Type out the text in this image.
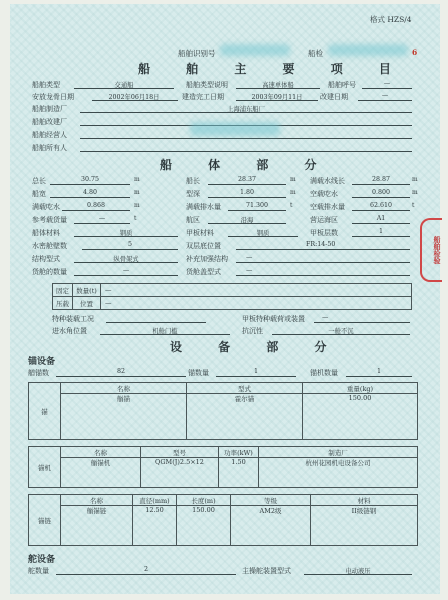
格式 HZS/4
船舶识别号	船检	6
船 舶 主 要 项 目
船舶类型	交通船	船舶类型说明	高速单体船	船舶呼号	—
安放龙骨日期	2002年06月18日	建造完工日期	2003年09月11日	改建日期	—
船舶制造厂	上海浦东船厂
船舶改建厂
船舶经营人
船舶所有人
船 体 部 分
总长	30.75	m	船长	28.37	m 满载水线长	28.87	m
船宽	4.80	m	型深	1.80	m 空载吃水	0.800	m
满载吃水	0.868	m	满载排水量	71.300	t	空载排水量	62.610	t
参考载货量	—	t	航区	沿海	营运海区	A1
船体材料	钢质	甲板材料	钢质	甲板层数	1
水密舱壁数	5	双层底位置	FR:14-50
结构型式	纵骨架式	补充加强结构	—
货舱的数量	—	货舱盖型式	—
固定	数量(t)	—
压载	位置	—
特种装载工况	甲板特种载荷或装置	—
进水角位置	机舱门槛	抗沉性	一舱不沉
设 备 部 分
锚设备
艏锚数	82	锚数量	1	锚机数量	1
锚	名称	型式	重量(kg)
	艏锚	霍尔锚	150.00
锚机	名称	型号	功率(kW)	制造厂
	艏锚机	QGM(J)2.5×12	1.50	杭州花园机电设备公司
锚链	名称	直径(mm)	长度(m)	等级	材料
	艏锚链	12.50	150.00	AM2级	II级链钢
舵设备
舵数量	2	主操舵装置型式	电动液压
船舶检验
